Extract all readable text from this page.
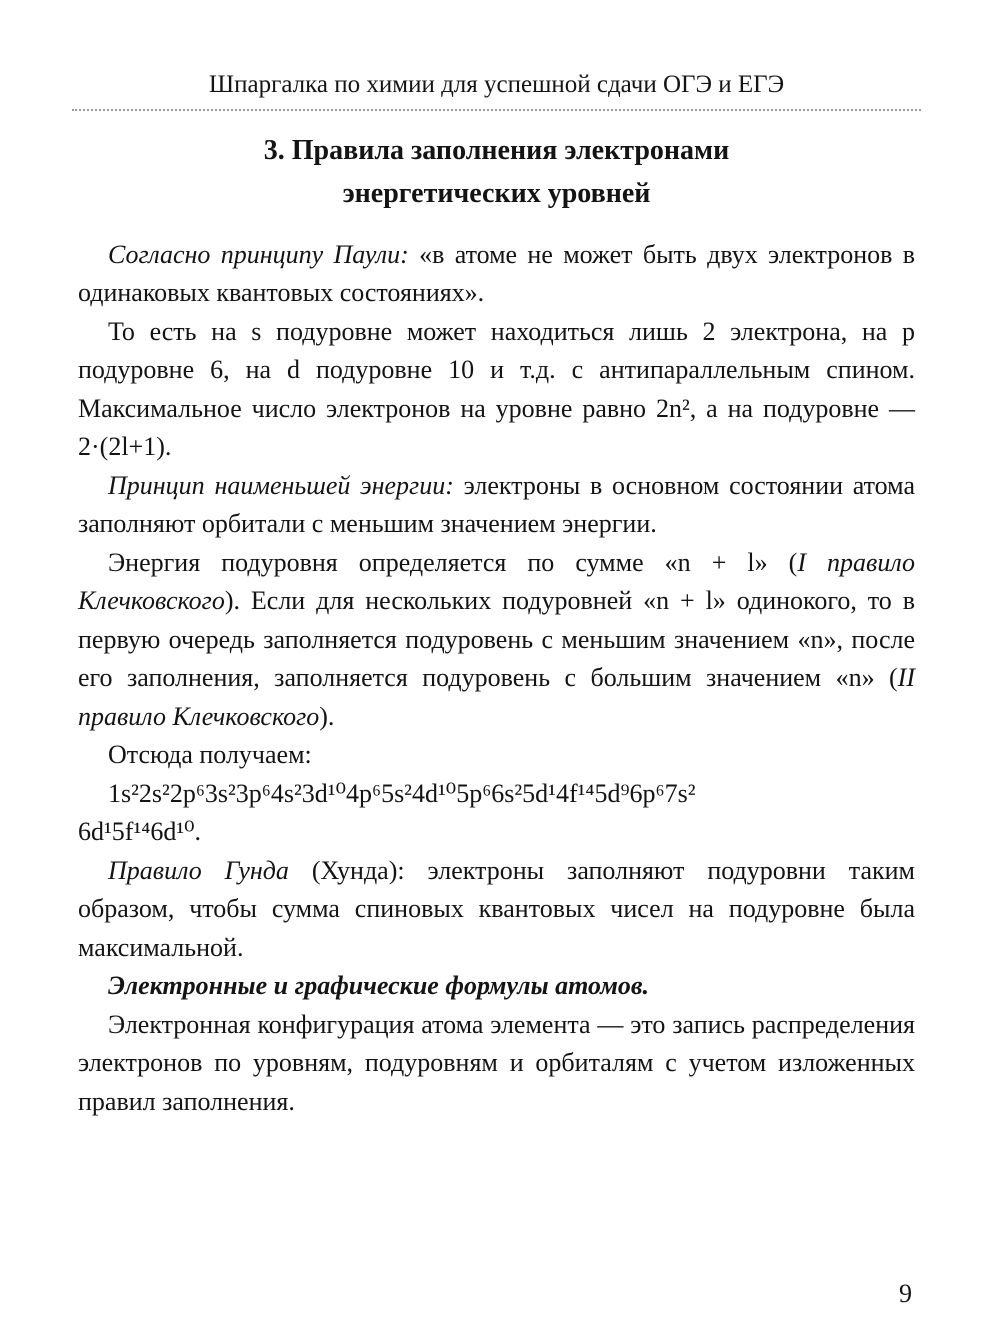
Шпаргалка по химии для успешной сдачи ОГЭ и ЕГЭ
3. Правила заполнения электронами
энергетических уровней

Согласно принципу Паули: «в атоме не может быть двух электронов в одинаковых квантовых состояниях».

То есть на s подуровне может находиться лишь 2 электрона, на p подуровне 6, на d подуровне 10 и т.д. с антипараллельным спином. Максимальное число электронов на уровне равно 2n², а на подуровне — 2·(2l+1).

Принцип наименьшей энергии: электроны в основном состоянии атома заполняют орбитали с меньшим значением энергии.

Энергия подуровня определяется по сумме «n + l» (I правило Клечковского). Если для нескольких подуровней «n + l» одинокого, то в первую очередь заполняется подуровень с меньшим значением «n», после его заполнения, заполняется подуровень с большим значением «n» (II правило Клечковского).

Отсюда получаем:

1s²2s²2p⁶3s²3p⁶4s²3d¹⁰4p⁶5s²4d¹⁰5p⁶6s²5d¹4f¹⁴5d⁹6p⁶7s²
6d¹5f¹⁴6d¹⁰.

Правило Гунда (Хунда): электроны заполняют подуровни таким образом, чтобы сумма спиновых квантовых чисел на подуровне была максимальной.

Электронные и графические формулы атомов.

Электронная конфигурация атома элемента — это запись распределения электронов по уровням, подуровням и орбиталям с учетом изложенных правил заполнения.

9
